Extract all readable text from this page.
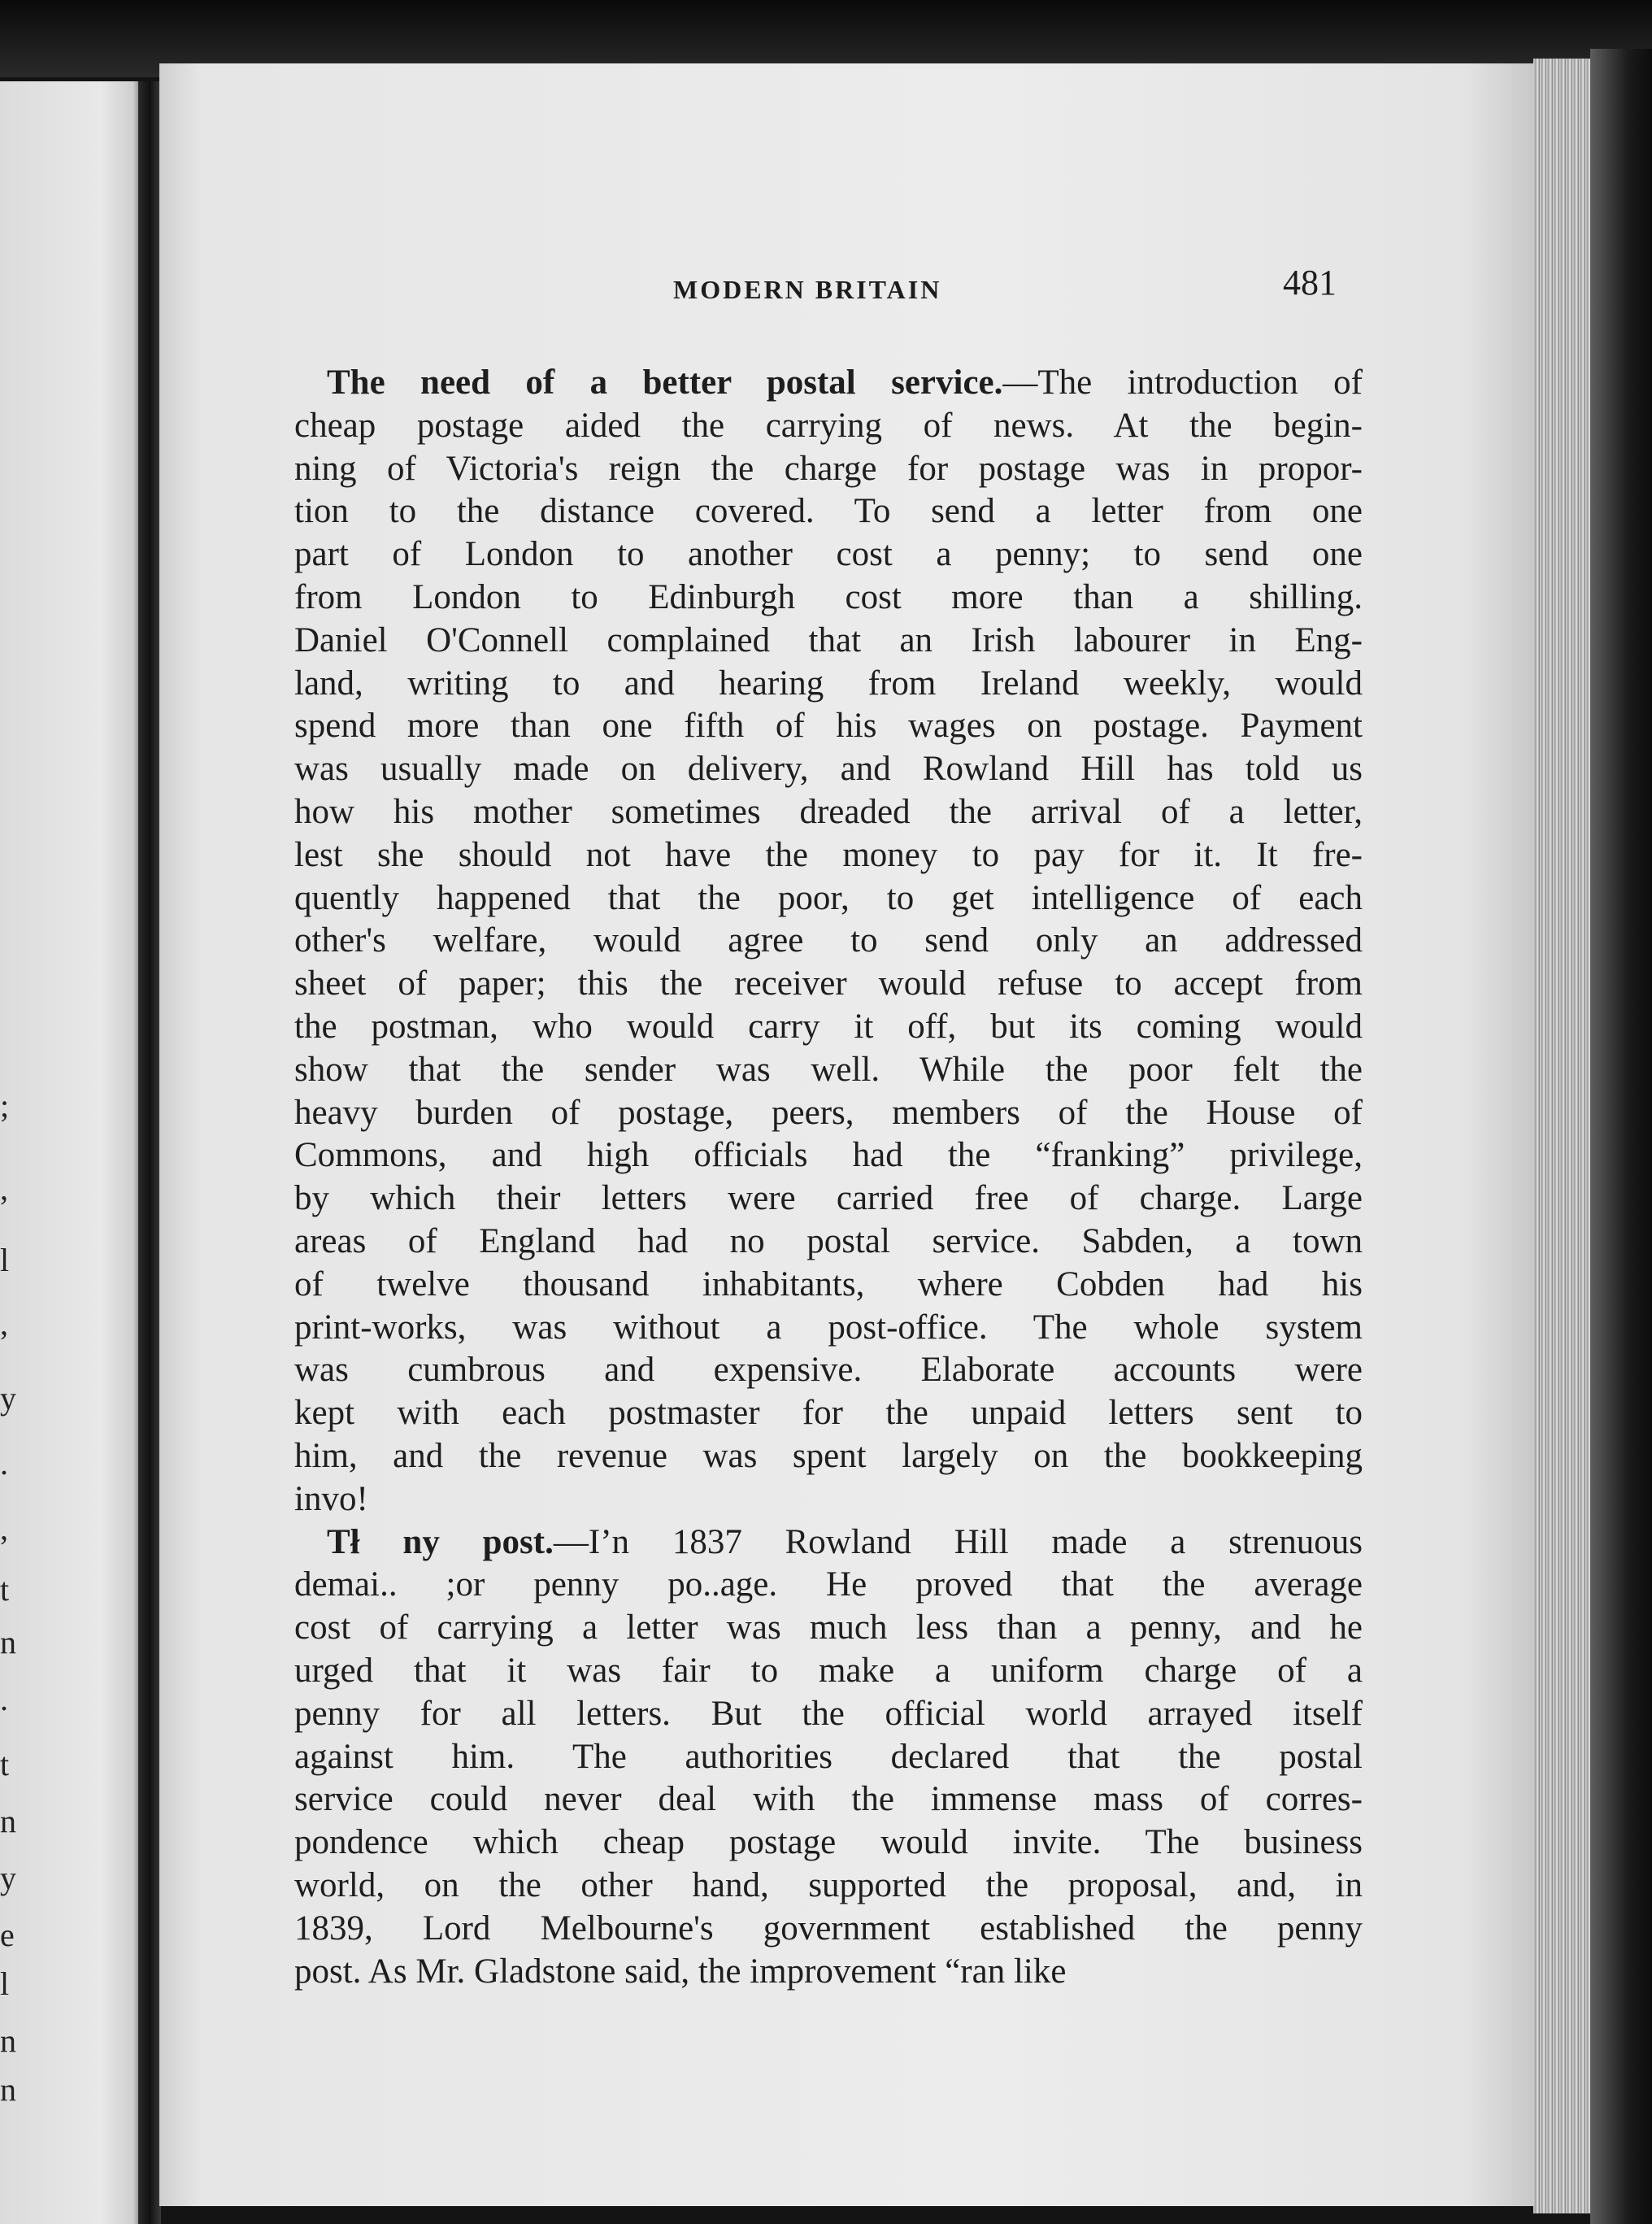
;
,
l
,
y
.
,
t
n
.
t
n
y
e
l
n
n
MODERN BRITAIN	481
The need of a better postal service.—The introduction of
cheap postage aided the carrying of news. At the begin-
ning of Victoria's reign the charge for postage was in propor-
tion to the distance covered. To send a letter from one
part of London to another cost a penny; to send one
from London to Edinburgh cost more than a shilling.
Daniel O'Connell complained that an Irish labourer in Eng-
land, writing to and hearing from Ireland weekly, would
spend more than one fifth of his wages on postage. Payment
was usually made on delivery, and Rowland Hill has told us
how his mother sometimes dreaded the arrival of a letter,
lest she should not have the money to pay for it. It fre-
quently happened that the poor, to get intelligence of each
other's welfare, would agree to send only an addressed
sheet of paper; this the receiver would refuse to accept from
the postman, who would carry it off, but its coming would
show that the sender was well. While the poor felt the
heavy burden of postage, peers, members of the House of
Commons, and high officials had the “franking” privilege,
by which their letters were carried free of charge. Large
areas of England had no postal service. Sabden, a town
of twelve thousand inhabitants, where Cobden had his
print-works, was without a post-office. The whole system
was cumbrous and expensive. Elaborate accounts were
kept with each postmaster for the unpaid letters sent to
him, and the revenue was spent largely on the bookkeeping
invo!
Tł ny post.—I’n 1837 Rowland Hill made a strenuous
demai.. ;or penny po..age. He proved that the average
cost of carrying a letter was much less than a penny, and he
urged that it was fair to make a uniform charge of a
penny for all letters. But the official world arrayed itself
against him. The authorities declared that the postal
service could never deal with the immense mass of corres-
pondence which cheap postage would invite. The business
world, on the other hand, supported the proposal, and, in
1839, Lord Melbourne's government established the penny
post. As Mr. Gladstone said, the improvement “ran like
